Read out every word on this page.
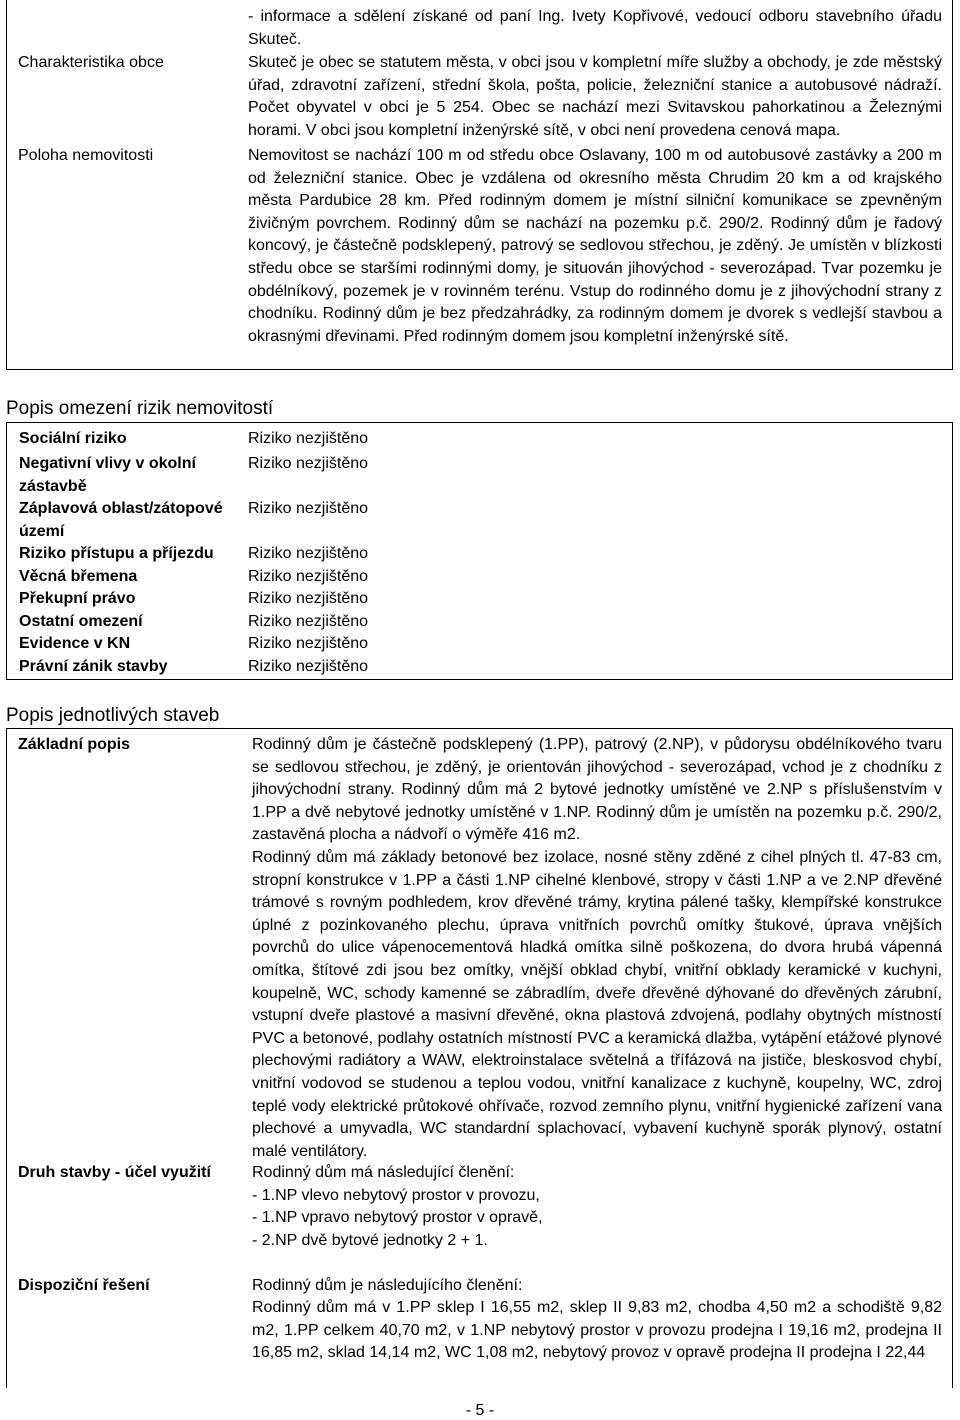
- informace a sdělení získané od paní Ing. Ivety Kopřivové, vedoucí odboru stavebního úřadu Skuteč.
Charakteristika obce	Skuteč je obec se statutem města, v obci jsou v kompletní míře služby a obchody, je zde městský úřad, zdravotní zařízení, střední škola, pošta, policie, železniční stanice a autobusové nádraží. Počet obyvatel v obci je 5 254. Obec se nachází mezi Svitavskou pahorkatinou a Železnými horami. V obci jsou kompletní inženýrské sítě, v obci není provedena cenová mapa.
Poloha nemovitosti	Nemovitost se nachází 100 m od středu obce Oslavany, 100 m od autobusové zastávky a 200 m od železniční stanice. Obec je vzdálena od okresního města Chrudim 20 km a od krajského města Pardubice 28 km. Před rodinným domem je místní silniční komunikace se zpevněným živičným povrchem. Rodinný dům se nachází na pozemku p.č. 290/2. Rodinný dům je řadový koncový, je částečně podsklepený, patrový se sedlovou střechou, je zděný. Je umístěn v blízkosti středu obce se staršími rodinnými domy, je situován jihovýchod - severozápad. Tvar pozemku je obdélníkový, pozemek je v rovinném terénu. Vstup do rodinného domu je z jihovýchodní strany z chodníku. Rodinný dům je bez předzahrádky, za rodinným domem je dvorek s vedlejší stavbou a okrasnými dřevinami. Před rodinným domem jsou kompletní inženýrské sítě.
Popis omezení rizik nemovitostí
Sociální riziko	Riziko nezjištěno
Negativní vlivy v okolní zástavbě
Riziko nezjištěno
Záplavová oblast/zátopové území
Riziko nezjištěno
Riziko přístupu a příjezdu	Riziko nezjištěno
Věcná břemena	Riziko nezjištěno
Překupní právo	Riziko nezjištěno
Ostatní omezení	Riziko nezjištěno
Evidence v KN	Riziko nezjištěno
Právní zánik stavby	Riziko nezjištěno
Popis jednotlivých staveb
Základní popis	Rodinný dům je částečně podsklepený (1.PP), patrový (2.NP), v půdorysu obdélníkového tvaru se sedlovou střechou, je zděný, je orientován jihovýchod - severozápad, vchod je z chodníku z jihovýchodní strany. Rodinný dům má 2 bytové jednotky umístěné ve 2.NP s příslušenstvím v 1.PP a dvě nebytové jednotky umístěné v 1.NP. Rodinný dům je umístěn na pozemku p.č. 290/2, zastavěná plocha a nádvoří o výměře 416 m2.
Rodinný dům má základy betonové bez izolace, nosné stěny zděné z cihel plných tl. 47-83 cm, stropní konstrukce v 1.PP a části 1.NP cihelné klenbové, stropy v části 1.NP a ve 2.NP dřevěné trámové s rovným podhledem, krov dřevěné trámy, krytina pálené tašky, klempířské konstrukce úplné z pozinkovaného plechu, úprava vnitřních povrchů omítky štukové, úprava vnějších povrchů do ulice vápenocementová hladká omítka silně poškozena, do dvora hrubá vápenná omítka, štítové zdi jsou bez omítky, vnější obklad chybí, vnitřní obklady keramické v kuchyni, koupelně, WC, schody kamenné se zábradlím, dveře dřevěné dýhované do dřevěných zárubní, vstupní dveře plastové a masivní dřevěné, okna plastová zdvojená, podlahy obytných místností PVC a betonové, podlahy ostatních místností PVC a keramická dlažba, vytápění etážové plynové plechovými radiátory a WAW, elektroinstalace světelná a třífázová na jističe, bleskosvod chybí, vnitřní vodovod se studenou a teplou vodou, vnitřní kanalizace z kuchyně, koupelny, WC, zdroj teplé vody elektrické průtokové ohřívače, rozvod zemního plynu, vnitřní hygienické zařízení vana plechové a umyvadla, WC standardní splachovací, vybavení kuchyně sporák plynový, ostatní malé ventilátory.
Druh stavby - účel využití	Rodinný dům má následující členění:
- 1.NP vlevo nebytový prostor v provozu,
- 1.NP vpravo nebytový prostor v opravě,
- 2.NP dvě bytové jednotky 2 + 1.
Dispoziční řešení	Rodinný dům je následujícího členění:
Rodinný dům má v 1.PP sklep I 16,55 m2, sklep II 9,83 m2, chodba 4,50 m2 a schodiště 9,82 m2, 1.PP celkem 40,70 m2, v 1.NP nebytový prostor v provozu prodejna I 19,16 m2, prodejna II 16,85 m2, sklad 14,14 m2, WC 1,08 m2, nebytový provoz v opravě prodejna II prodejna I 22,44
- 5 -
